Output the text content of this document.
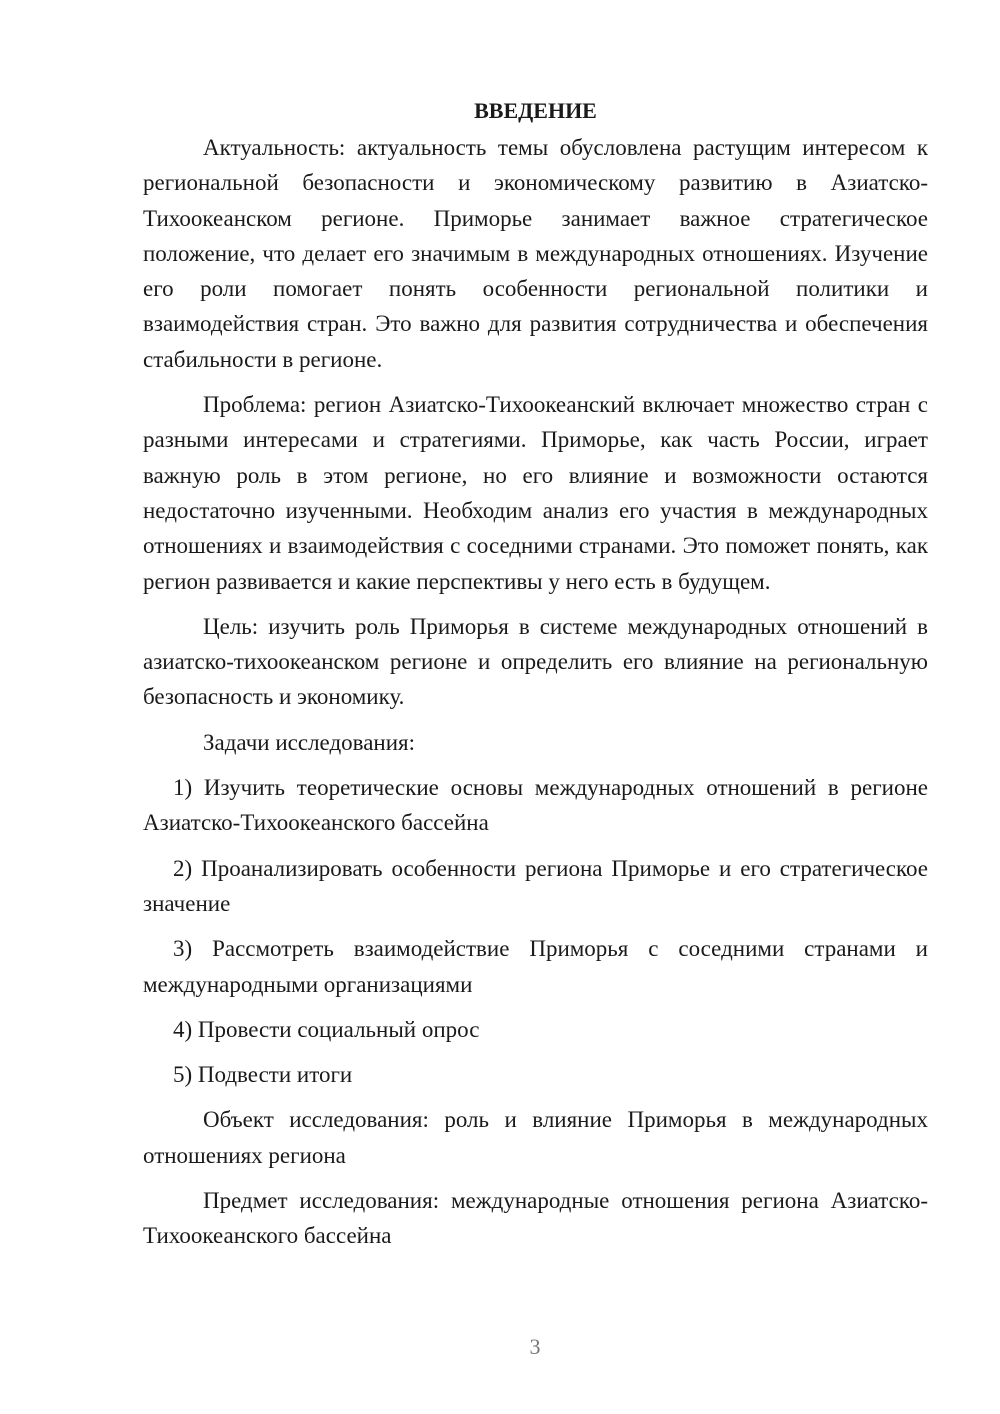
ВВЕДЕНИЕ

Актуальность: актуальность темы обусловлена растущим интересом к региональной безопасности и экономическому развитию в Азиатско-Тихоокеанском регионе. Приморье занимает важное стратегическое положение, что делает его значимым в международных отношениях. Изучение его роли помогает понять особенности региональной политики и взаимодействия стран. Это важно для развития сотрудничества и обеспечения стабильности в регионе.

Проблема: регион Азиатско-Тихоокеанский включает множество стран с разными интересами и стратегиями. Приморье, как часть России, играет важную роль в этом регионе, но его влияние и возможности остаются недостаточно изученными. Необходим анализ его участия в международных отношениях и взаимодействия с соседними странами. Это поможет понять, как регион развивается и какие перспективы у него есть в будущем.

Цель: изучить роль Приморья в системе международных отношений в азиатско-тихоокеанском регионе и определить его влияние на региональную безопасность и экономику.

Задачи исследования:

1) Изучить теоретические основы международных отношений в регионе Азиатско-Тихоокеанского бассейна

2) Проанализировать особенности региона Приморье и его стратегическое значение

3) Рассмотреть взаимодействие Приморья с соседними странами и международными организациями

4) Провести социальный опрос

5) Подвести итоги

Объект исследования: роль и влияние Приморья в международных отношениях региона

Предмет исследования: международные отношения региона Азиатско-Тихоокеанского бассейна

3
